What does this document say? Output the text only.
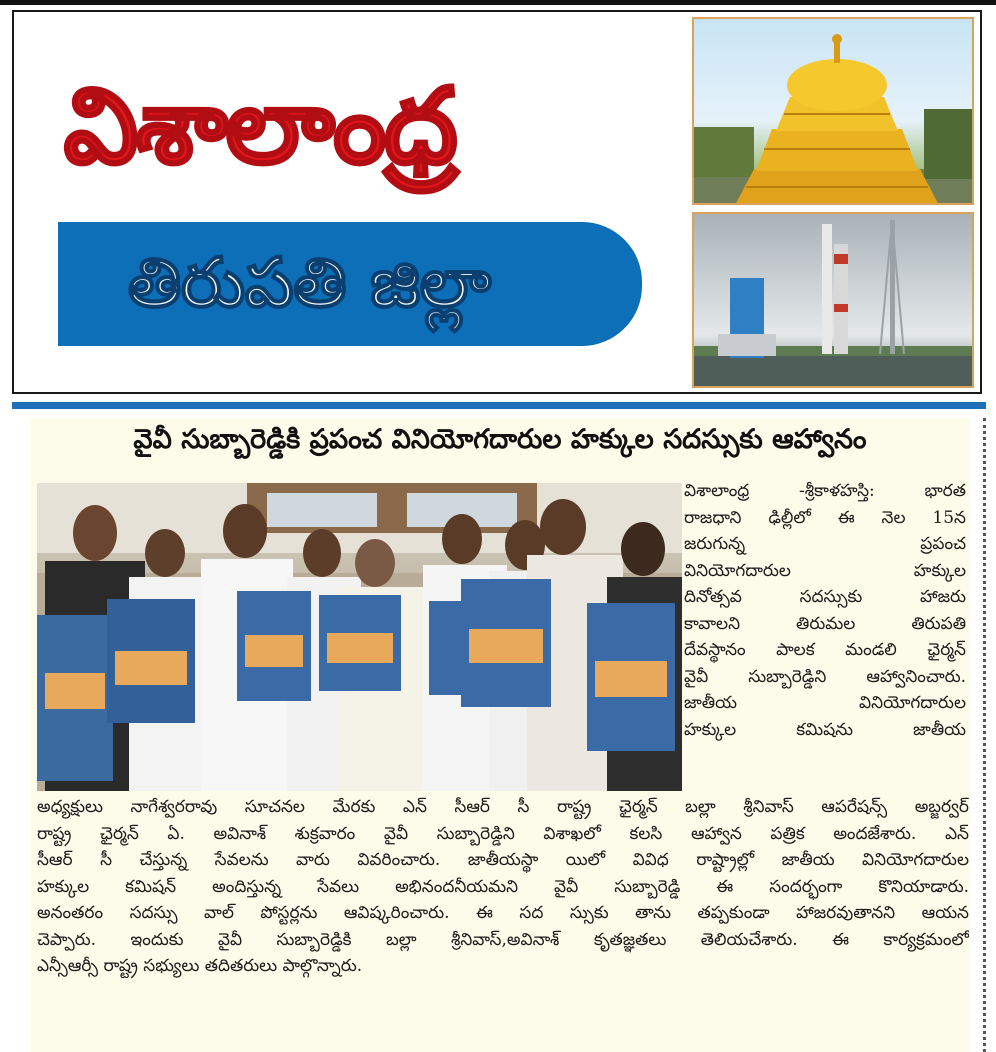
విశాలాంధ్ర
తిరుపతి జిల్లా
వైవీ సుబ్బారెడ్డికి ప్రపంచ వినియోగదారుల హక్కుల సదస్సుకు ఆహ్వానం
విశాలాంధ్ర -శ్రీకాళహస్తి: భారత
రాజధాని ఢిల్లీలో ఈ నెల 15న
జరుగున్న ప్రపంచ
వినియోగదారుల హక్కుల
దినోత్సవ సదస్సుకు హాజరు
కావాలని తిరుమల తిరుపతి
దేవస్థానం పాలక మండలి ఛైర్మన్
వైవీ సుబ్బారెడ్డిని ఆహ్వానించారు.
జాతీయ వినియోగదారుల
హక్కుల కమిషను జాతీయ
అధ్యక్షులు నాగేశ్వరరావు సూచనల మేరకు ఎన్ సీఆర్ సీ రాష్ట్ర ఛైర్మన్ బల్లా శ్రీనివాస్ ఆపరేషన్స్ అబ్జర్వర్
రాష్ట్ర ఛైర్మన్ ఏ. అవినాశ్ శుక్రవారం వైవీ సుబ్బారెడ్డిని విశాఖలో కలసి ఆహ్వాన పత్రిక అందజేశారు. ఎన్
సీఆర్ సీ చేస్తున్న సేవలను వారు వివరించారు. జాతీయస్థా యిలో వివిధ రాష్ట్రాల్లో జాతీయ వినియోగదారుల
హక్కుల కమిషన్ అందిస్తున్న సేవలు అభినందనీయమని వైవీ సుబ్బారెడ్డి ఈ సందర్భంగా కొనియాడారు.
అనంతరం సదస్సు వాల్ పోస్టర్లను ఆవిష్కరించారు. ఈ సద స్సుకు తాను తప్పకుండా హాజరవుతానని ఆయన
చెప్పారు. ఇందుకు వైవీ సుబ్బారెడ్డికి బల్లా శ్రీనివాస్,అవినాశ్ కృతజ్ఞతలు తెలియచేశారు. ఈ కార్యక్రమంలో
ఎన్సీఆర్సీ రాష్ట్ర సభ్యులు తదితరులు పాల్గొన్నారు.
